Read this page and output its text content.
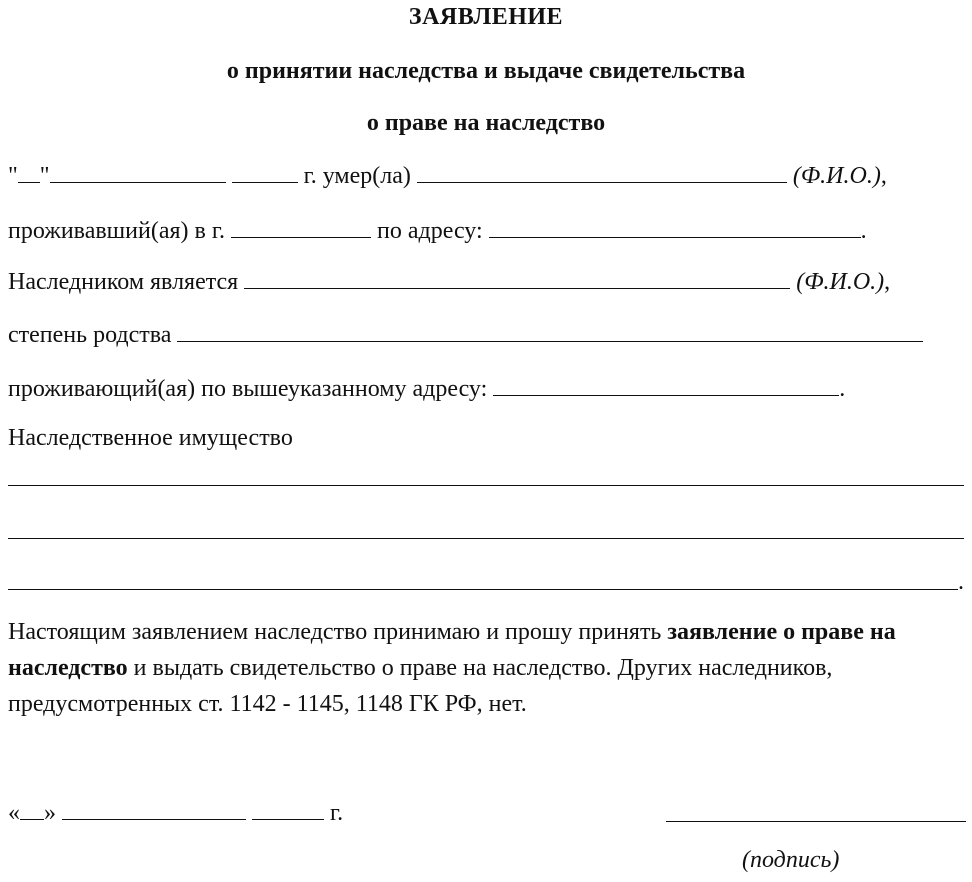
ЗАЯВЛЕНИЕ
о принятии наследства и выдаче свидетельства
о праве на наследство
" "	г. умер(ла)	(Ф.И.О.),
проживавший(ая) в г.	по адресу:	.
Наследником является	(Ф.И.О.),
степень родства
проживающий(ая) по вышеуказанному адресу:	.
Наследственное имущество
.
Настоящим заявлением наследство принимаю и прошу принять заявление о праве на наследство и выдать свидетельство о праве на наследство. Других наследников, предусмотренных ст. 1142 - 1145, 1148 ГК РФ, нет.
« »	г.
(подпись)
